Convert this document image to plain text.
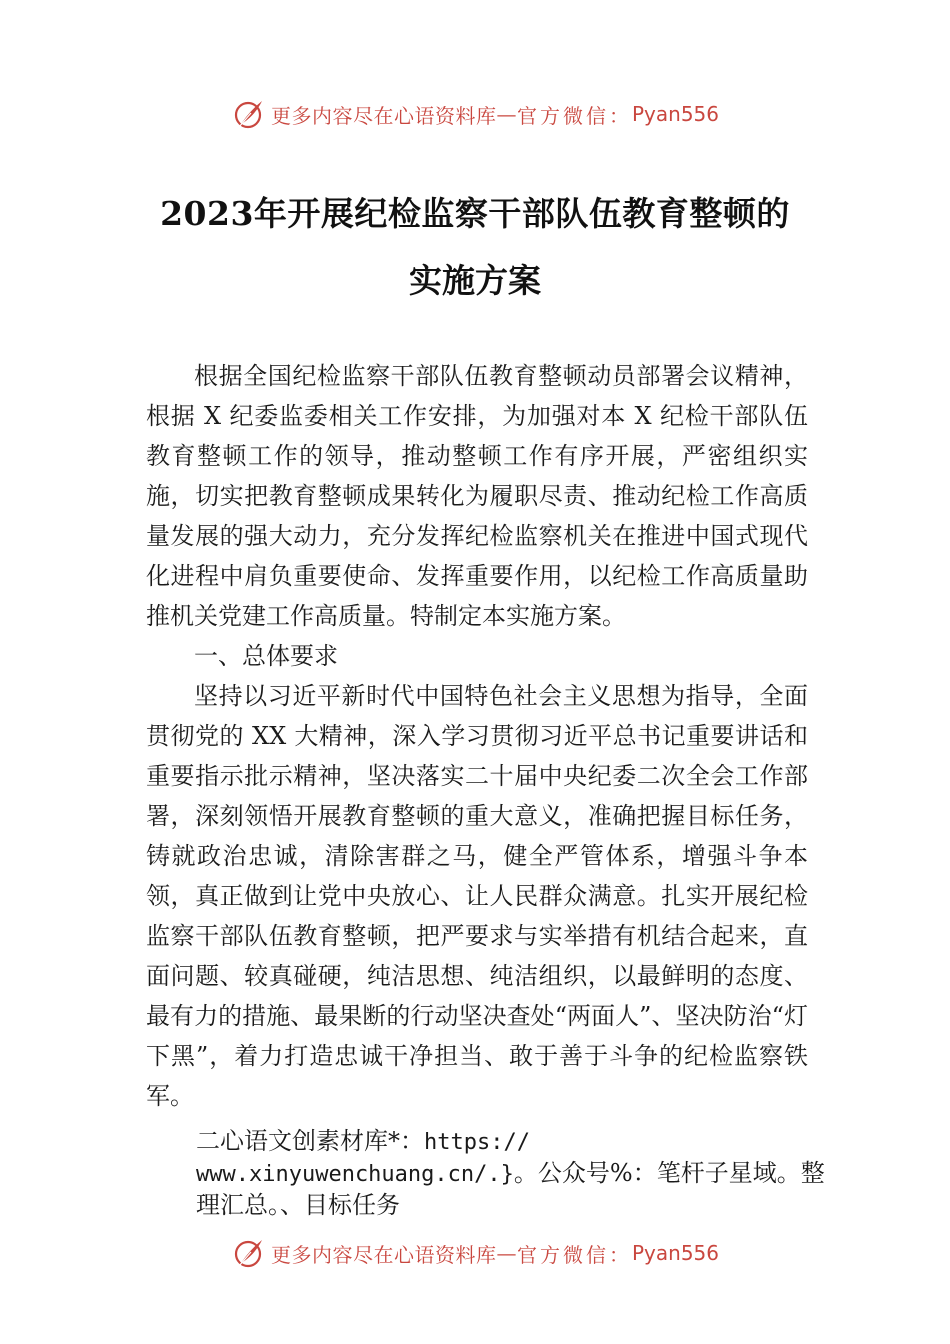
更多内容尽在心语资料库 — 官方微信： Pyan556
2023年开展纪检监察干部队伍教育整顿的
实施方案

根据全国纪检监察干部队伍教育整顿动员部署会议精神，根据 X 纪委监委相关工作安排，为加强对本 X 纪检干部队伍教育整顿工作的领导，推动整顿工作有序开展，严密组织实施，切实把教育整顿成果转化为履职尽责、推动纪检工作高质量发展的强大动力，充分发挥纪检监察机关在推进中国式现代化进程中肩负重要使命、发挥重要作用，以纪检工作高质量助推机关党建工作高质量。特制定本实施方案。

一、总体要求

坚持以习近平新时代中国特色社会主义思想为指导，全面贯彻党的 XX 大精神，深入学习贯彻习近平总书记重要讲话和重要指示批示精神，坚决落实二十届中央纪委二次全会工作部署，深刻领悟开展教育整顿的重大意义，准确把握目标任务，铸就政治忠诚，清除害群之马，健全严管体系，增强斗争本领，真正做到让党中央放心、让人民群众满意。扎实开展纪检监察干部队伍教育整顿，把严要求与实举措有机结合起来，直面问题、较真碰硬，纯洁思想、纯洁组织，以最鲜明的态度、最有力的措施、最果断的行动坚决查处“两面人”、坚决防治“灯下黑”，着力打造忠诚干净担当、敢于善于斗争的纪检监察铁军。

二心语文创素材库*：https://
www.xinyuwenchuang.cn/.}。公众号%：笔杆子星域。整
理汇总。、目标任务
更多内容尽在心语资料库 — 官方微信： Pyan556
